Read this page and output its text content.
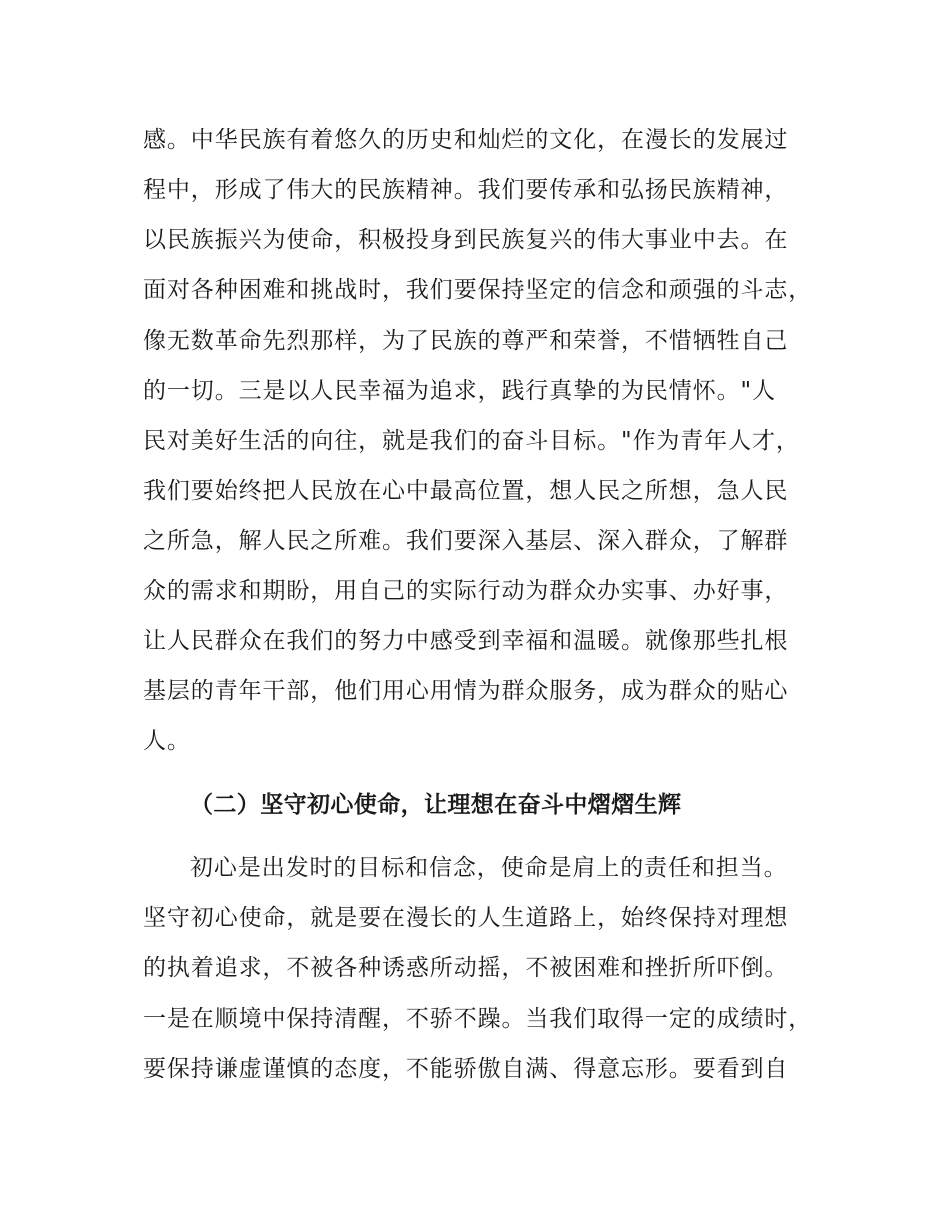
感。中华民族有着悠久的历史和灿烂的文化，在漫长的发展过
程中，形成了伟大的民族精神。我们要传承和弘扬民族精神，
以民族振兴为使命，积极投身到民族复兴的伟大事业中去。在
面对各种困难和挑战时，我们要保持坚定的信念和顽强的斗志，
像无数革命先烈那样，为了民族的尊严和荣誉，不惜牺牲自己
的一切。三是以人民幸福为追求，践行真挚的为民情怀。"人
民对美好生活的向往，就是我们的奋斗目标。"作为青年人才，
我们要始终把人民放在心中最高位置，想人民之所想，急人民
之所急，解人民之所难。我们要深入基层、深入群众，了解群
众的需求和期盼，用自己的实际行动为群众办实事、办好事，
让人民群众在我们的努力中感受到幸福和温暖。就像那些扎根
基层的青年干部，他们用心用情为群众服务，成为群众的贴心
人。
（二）坚守初心使命，让理想在奋斗中熠熠生辉
初心是出发时的目标和信念，使命是肩上的责任和担当。
坚守初心使命，就是要在漫长的人生道路上，始终保持对理想
的执着追求，不被各种诱惑所动摇，不被困难和挫折所吓倒。
一是在顺境中保持清醒，不骄不躁。当我们取得一定的成绩时，
要保持谦虚谨慎的态度，不能骄傲自满、得意忘形。要看到自
